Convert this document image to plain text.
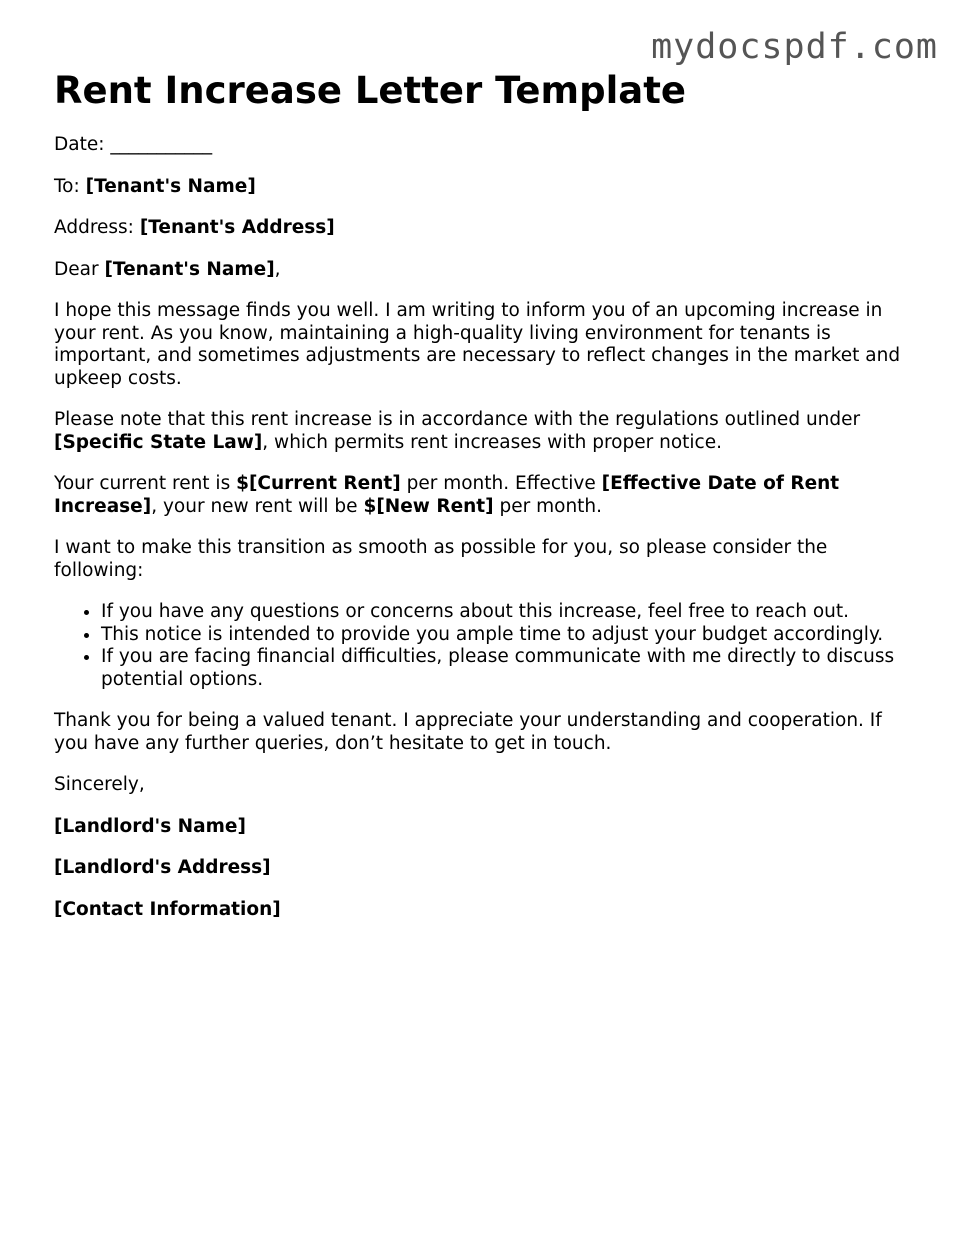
mydocspdf.com
Rent Increase Letter Template

Date: ___________

To: [Tenant's Name]

Address: [Tenant's Address]

Dear [Tenant's Name],

I hope this message finds you well. I am writing to inform you of an upcoming increase in your rent. As you know, maintaining a high-quality living environment for tenants is important, and sometimes adjustments are necessary to reflect changes in the market and upkeep costs.

Please note that this rent increase is in accordance with the regulations outlined under [Specific State Law], which permits rent increases with proper notice.

Your current rent is $[Current Rent] per month. Effective [Effective Date of Rent Increase], your new rent will be $[New Rent] per month.

I want to make this transition as smooth as possible for you, so please consider the following:

• If you have any questions or concerns about this increase, feel free to reach out.
• This notice is intended to provide you ample time to adjust your budget accordingly.
• If you are facing financial difficulties, please communicate with me directly to discuss potential options.

Thank you for being a valued tenant. I appreciate your understanding and cooperation. If you have any further queries, don’t hesitate to get in touch.

Sincerely,

[Landlord's Name]

[Landlord's Address]

[Contact Information]
